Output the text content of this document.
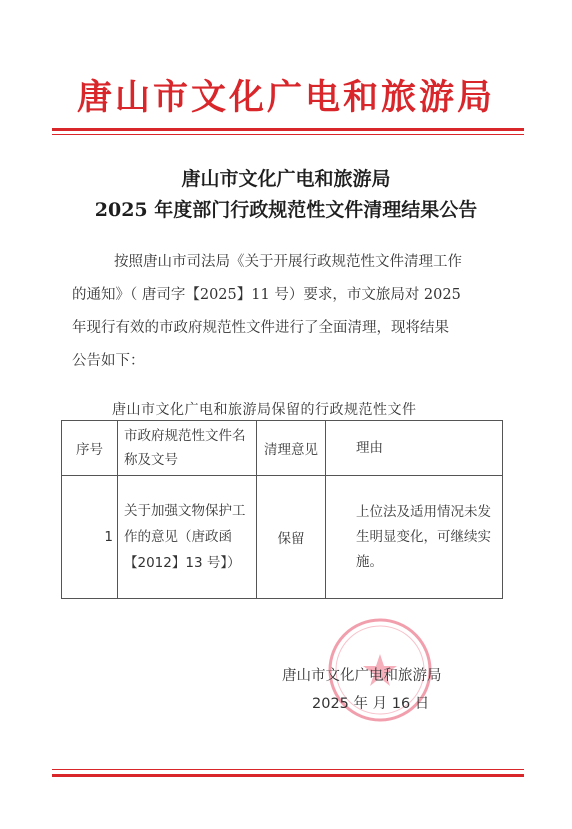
唐山市文化广电和旅游局
唐山市文化广电和旅游局
2025 年度部门行政规范性文件清理结果公告
按照唐山市司法局《关于开展行政规范性文件清理工作
的通知》（ 唐司字【2025】11 号）要求，市文旅局对 2025
年现行有效的市政府规范性文件进行了全面清理，现将结果
公告如下：
唐山市文化广电和旅游局保留的行政规范性文件
序号	市政府规范性文件名称及文号	清理意见	理由
1	关于加强文物保护工作的意见（唐政函【2012】13 号】）	保留	上位法及适用情况未发生明显变化，可继续实施。
唐山市文化广电和旅游局
2025 年 月 16 日
